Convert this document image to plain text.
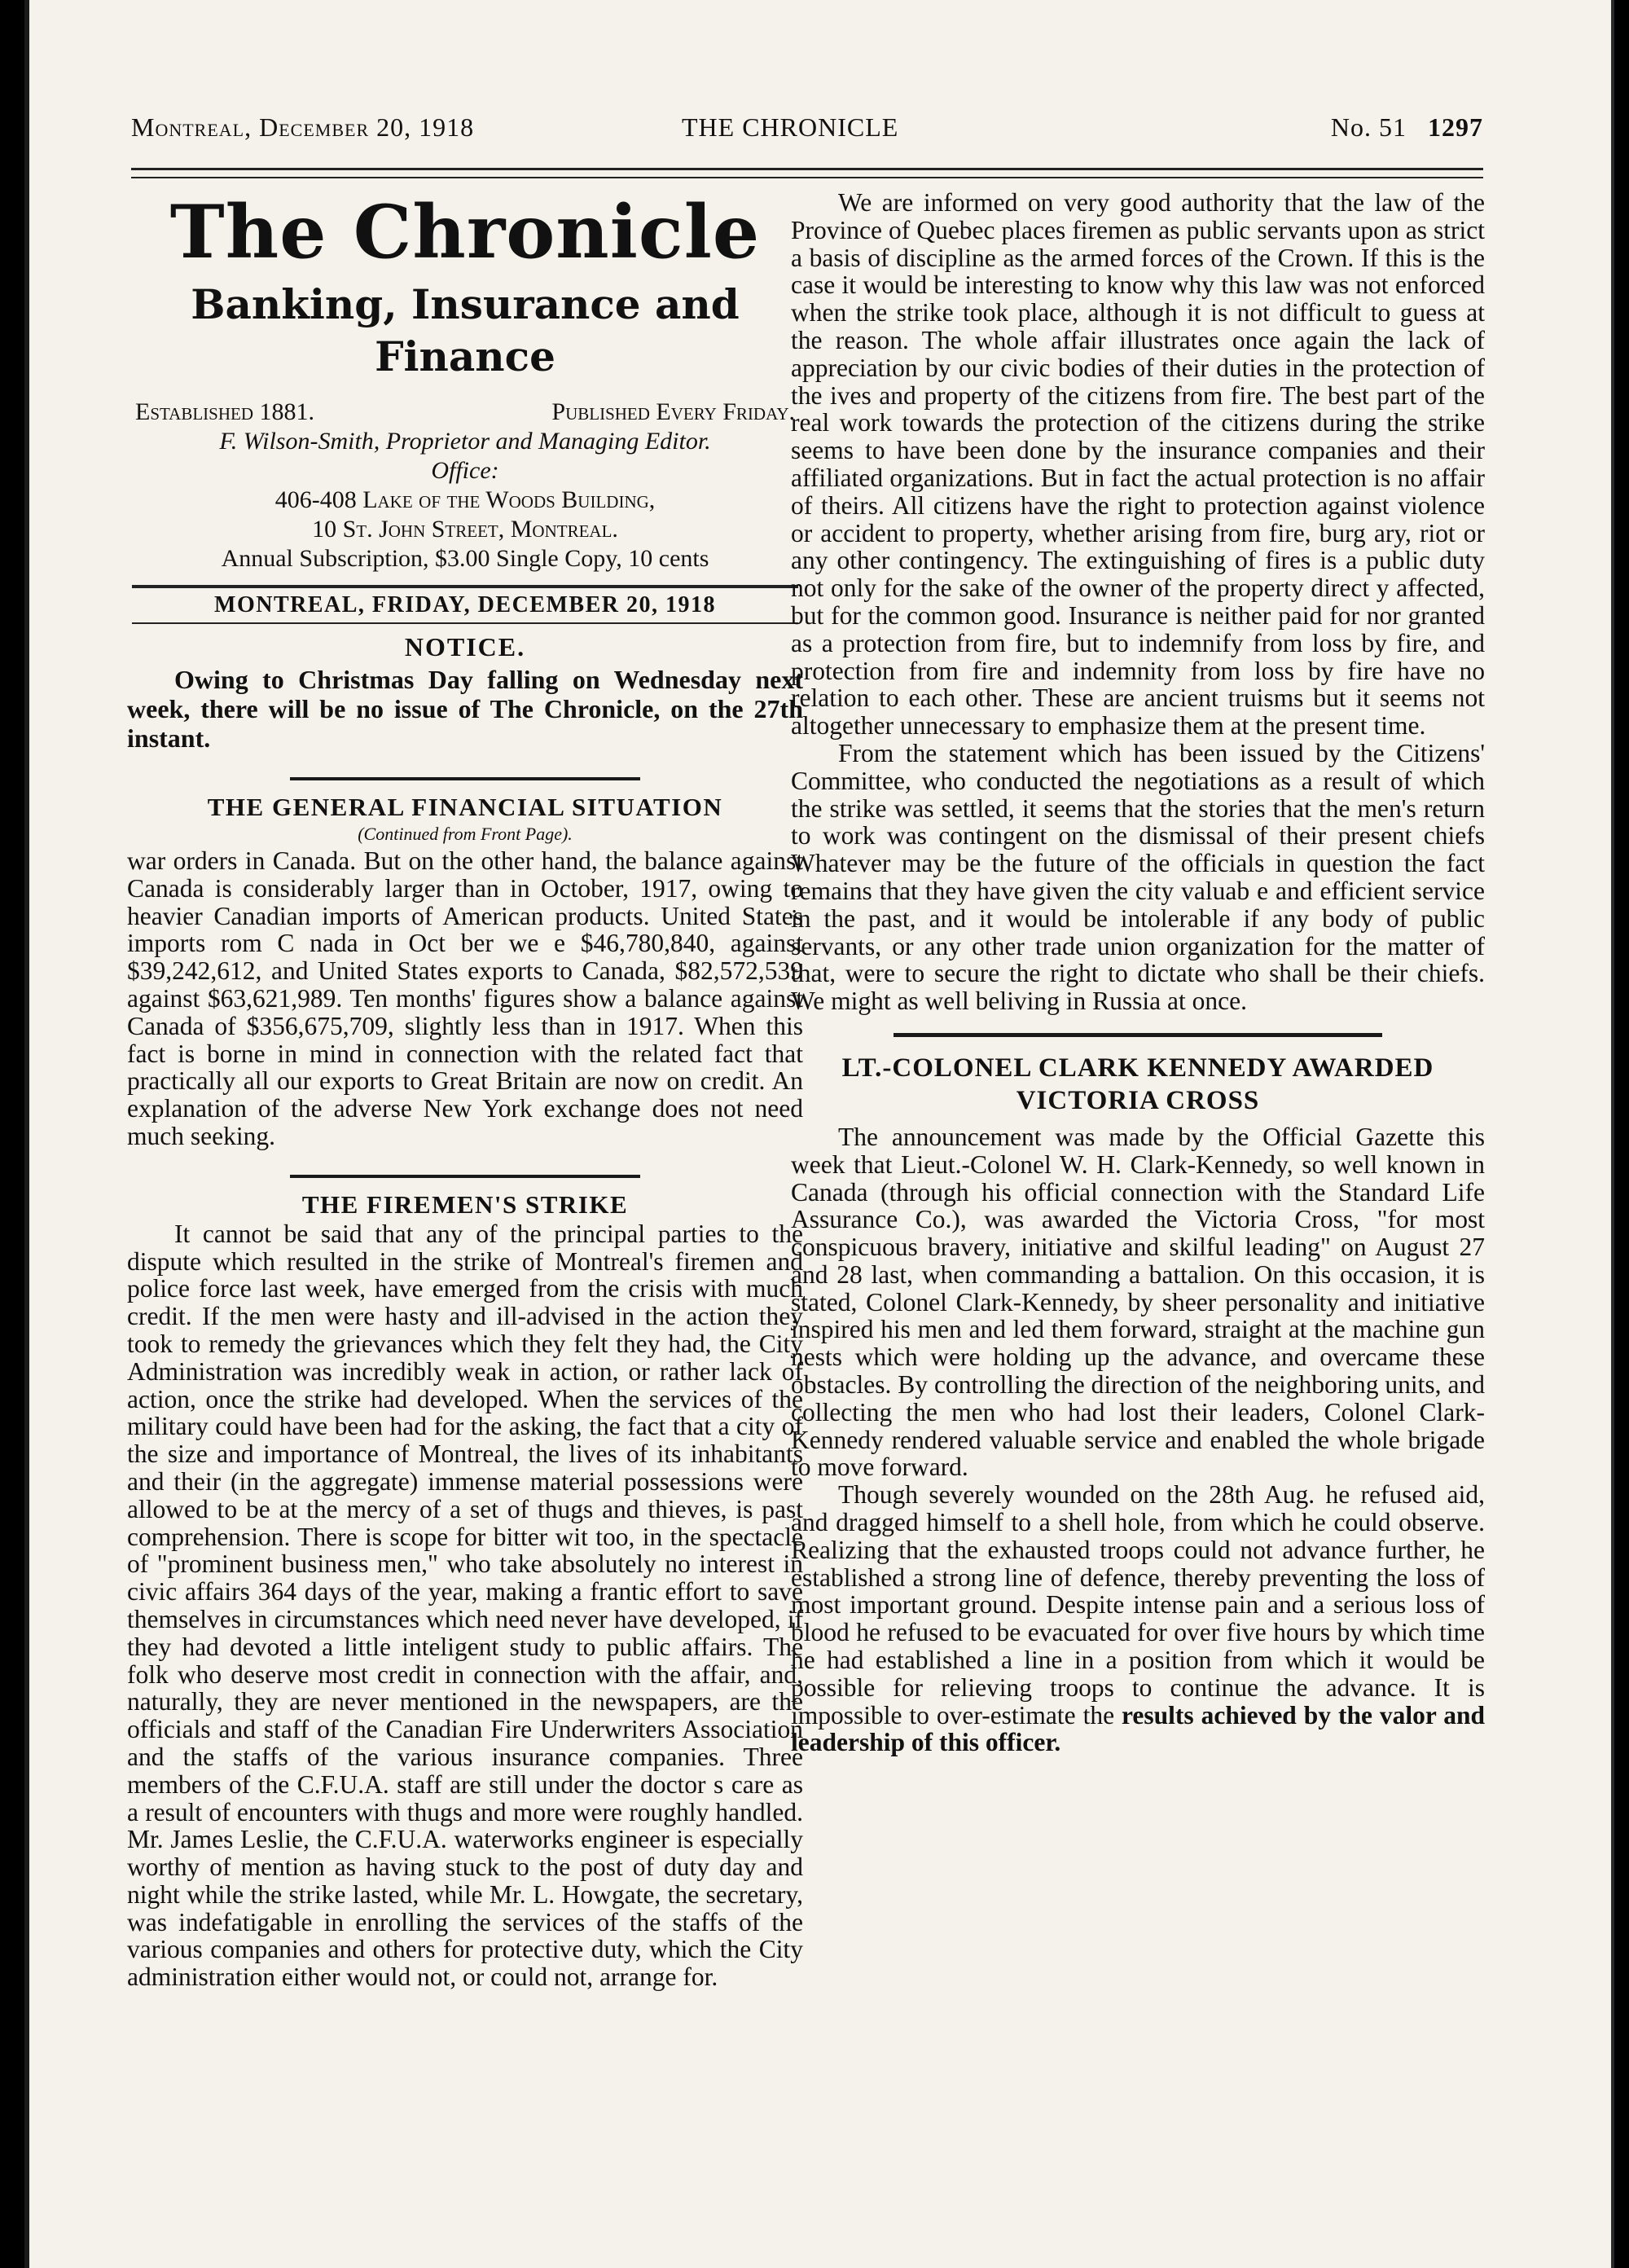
Montreal, December 20, 1918	THE CHRONICLE	No. 51 1297
The Chronicle
Banking, Insurance and Finance
Established 1881.	Published Every Friday.
F. Wilson-Smith, Proprietor and Managing Editor.
Office:
406-408 Lake of the Woods Building,
10 St. John Street, Montreal.
Annual Subscription, $3.00 Single Copy, 10 cents
MONTREAL, FRIDAY, DECEMBER 20, 1918
NOTICE.

Owing to Christmas Day falling on Wednesday next week, there will be no issue of The Chronicle, on the 27th instant.

THE GENERAL FINANCIAL SITUATION
(Continued from Front Page).

war orders in Canada. But on the other hand, the balance against Canada is considerably larger than in October, 1917, owing to heavier Canadian imports of American products. United States imports rom C nada in Oct ber we e $46,780,840, against $39,242,612, and United States exports to Canada, $82,572,539 against $63,621,989. Ten months' figures show a balance against Canada of $356,675,709, slightly less than in 1917. When this fact is borne in mind in connection with the related fact that practically all our exports to Great Britain are now on credit. An explanation of the adverse New York exchange does not need much seeking.

THE FIREMEN'S STRIKE

It cannot be said that any of the principal parties to the dispute which resulted in the strike of Montreal's firemen and police force last week, have emerged from the crisis with much credit. If the men were hasty and ill-advised in the action they took to remedy the grievances which they felt they had, the City Administration was incredibly weak in action, or rather lack of action, once the strike had developed. When the services of the military could have been had for the asking, the fact that a city of the size and importance of Montreal, the lives of its inhabitants and their (in the aggregate) immense material possessions were allowed to be at the mercy of a set of thugs and thieves, is past comprehension. There is scope for bitter wit too, in the spectacle of "prominent business men," who take absolutely no interest in civic affairs 364 days of the year, making a frantic effort to save themselves in circumstances which need never have developed, if they had devoted a little inteligent study to public affairs. The folk who deserve most credit in connection with the affair, and, naturally, they are never mentioned in the newspapers, are the officials and staff of the Canadian Fire Underwriters Association and the staffs of the various insurance companies. Three members of the C.F.U.A. staff are still under the doctor s care as a result of encounters with thugs and more were roughly handled. Mr. James Leslie, the C.F.U.A. waterworks engineer is especially worthy of mention as having stuck to the post of duty day and night while the strike lasted, while Mr. L. Howgate, the secretary, was indefatigable in enrolling the services of the staffs of the various companies and others for protective duty, which the City administration either would not, or could not, arrange for.

We are informed on very good authority that the law of the Province of Quebec places firemen as public servants upon as strict a basis of discipline as the armed forces of the Crown. If this is the case it would be interesting to know why this law was not enforced when the strike took place, although it is not difficult to guess at the reason. The whole affair illustrates once again the lack of appreciation by our civic bodies of their duties in the protection of the ives and property of the citizens from fire. The best part of the real work towards the protection of the citizens during the strike seems to have been done by the insurance companies and their affiliated organizations. But in fact the actual protection is no affair of theirs. All citizens have the right to protection against violence or accident to property, whether arising from fire, burg ary, riot or any other contingency. The extinguishing of fires is a public duty not only for the sake of the owner of the property direct y affected, but for the common good. Insurance is neither paid for nor granted as a protection from fire, but to indemnify from loss by fire, and protection from fire and indemnity from loss by fire have no relation to each other. These are ancient truisms but it seems not altogether unnecessary to emphasize them at the present time.

From the statement which has been issued by the Citizens' Committee, who conducted the negotiations as a result of which the strike was settled, it seems that the stories that the men's return to work was contingent on the dismissal of their present chiefs Whatever may be the future of the officials in question the fact remains that they have given the city valuab e and efficient service in the past, and it would be intolerable if any body of public servants, or any other trade union organization for the matter of that, were to secure the right to dictate who shall be their chiefs. We might as well beliving in Russia at once.

LT.-COLONEL CLARK KENNEDY AWARDED
VICTORIA CROSS

The announcement was made by the Official Gazette this week that Lieut.-Colonel W. H. Clark-Kennedy, so well known in Canada (through his official connection with the Standard Life Assurance Co.), was awarded the Victoria Cross, "for most conspicuous bravery, initiative and skilful leading" on August 27 and 28 last, when commanding a battalion. On this occasion, it is stated, Colonel Clark-Kennedy, by sheer personality and initiative inspired his men and led them forward, straight at the machine gun nests which were holding up the advance, and overcame these obstacles. By controlling the direction of the neighboring units, and collecting the men who had lost their leaders, Colonel Clark-Kennedy rendered valuable service and enabled the whole brigade to move forward.

Though severely wounded on the 28th Aug. he refused aid, and dragged himself to a shell hole, from which he could observe. Realizing that the exhausted troops could not advance further, he established a strong line of defence, thereby preventing the loss of most important ground. Despite intense pain and a serious loss of blood he refused to be evacuated for over five hours by which time he had established a line in a position from which it would be possible for relieving troops to continue the advance. It is impossible to over-estimate the results achieved by the valor and leadership of this officer.
